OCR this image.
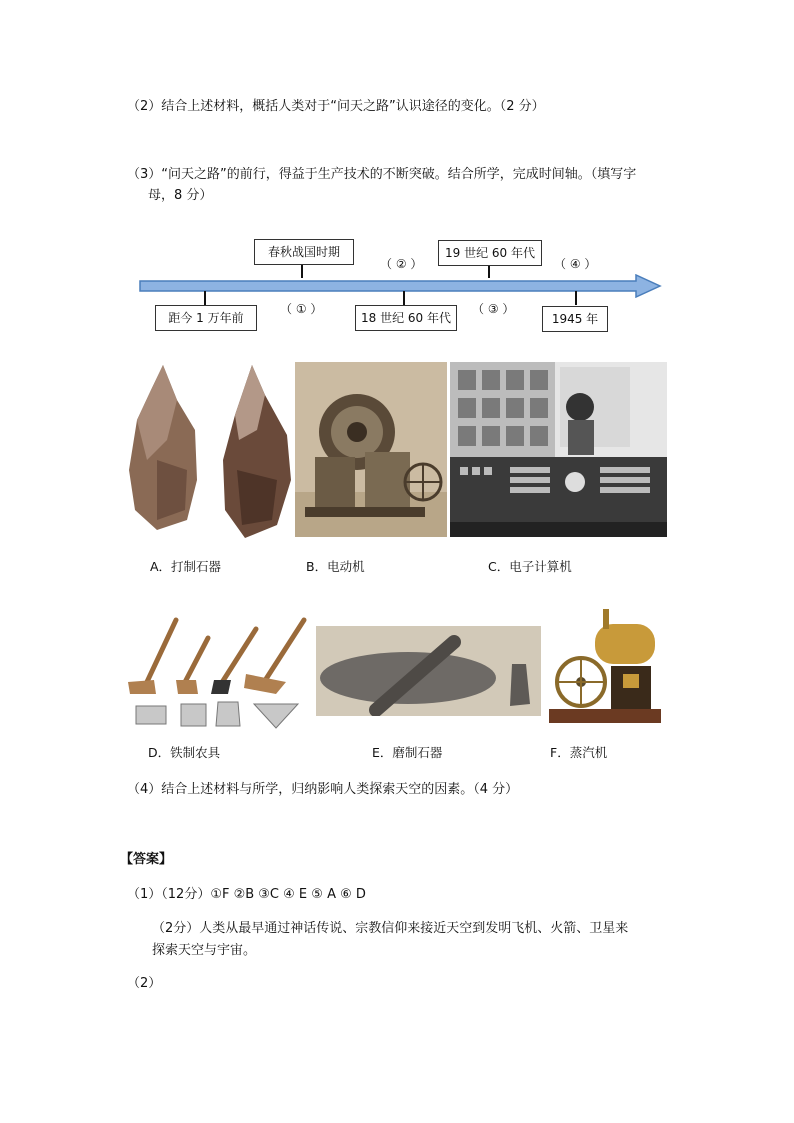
（2）结合上述材料，概括人类对于“问天之路”认识途径的变化。（2 分）
（3）“问天之路”的前行，得益于生产技术的不断突破。结合所学，完成时间轴。（填写字
母，8 分）
春秋战国时期	19 世纪 60 年代
距今 1 万年前	18 世纪 60 年代	1945 年
（ ① ）
（ ② ）
（ ③ ）
（ ④ ）
A．打制石器	B．电动机	C．电子计算机
D．铁制农具	E．磨制石器	F．蒸汽机
（4）结合上述材料与所学，归纳影响人类探索天空的因素。（4 分）
【答案】
（1）（12分）①F ②B ③C ④ E ⑤ A ⑥ D
（2分）人类从最早通过神话传说、宗教信仰来接近天空到发明飞机、火箭、卫星来
探索天空与宇宙。
（2）
